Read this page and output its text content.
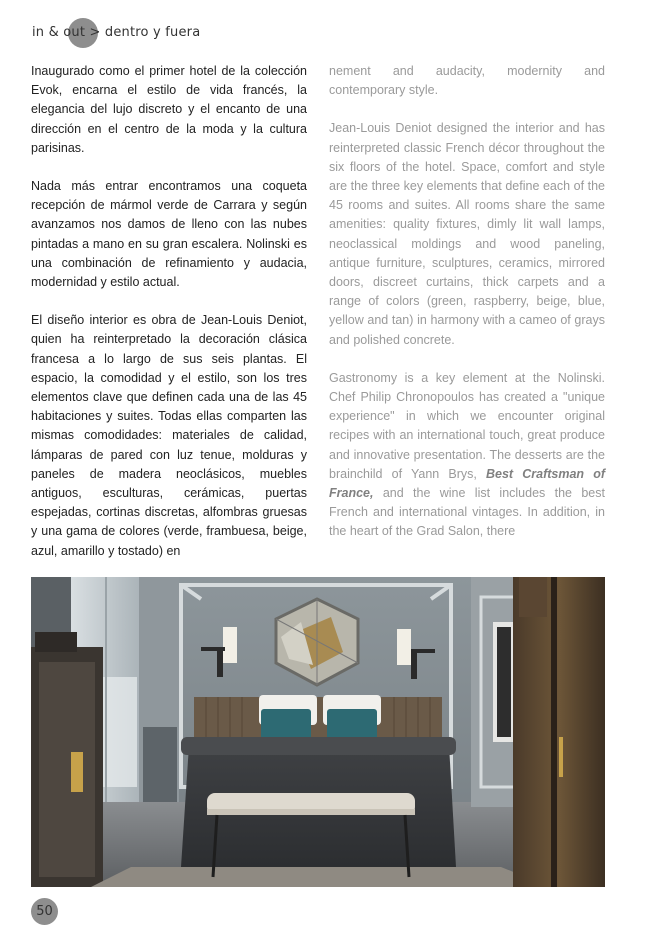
in & out > dentro y fuera

Inaugurado como el primer hotel de la colección Evok, encarna el estilo de vida francés, la elegancia del lujo discreto y el encanto de una dirección en el centro de la moda y la cultura parisinas.

Nada más entrar encontramos una coqueta recepción de mármol verde de Carrara y según avanzamos nos damos de lleno con las nubes pintadas a mano en su gran escalera. Nolinski es una combinación de refinamiento y audacia, modernidad y estilo actual.

El diseño interior es obra de Jean-Louis Deniot, quien ha reinterpretado la decoración clásica francesa a lo largo de sus seis plantas. El espacio, la comodidad y el estilo, son los tres elementos clave que definen cada una de las 45 habitaciones y suites. Todas ellas comparten las mismas comodidades: materiales de calidad, lámparas de pared con luz tenue, molduras y paneles de madera neoclásicos, muebles antiguos, esculturas, cerámicas, puertas espejadas, cortinas discretas, alfombras gruesas y una gama de colores (verde, frambuesa, beige, azul, amarillo y tostado) en

nement and audacity, modernity and contemporary style.

Jean-Louis Deniot designed the interior and has reinterpreted classic French décor throughout the six floors of the hotel. Space, comfort and style are the three key elements that define each of the 45 rooms and suites. All rooms share the same amenities: quality fixtures, dimly lit wall lamps, neoclassical moldings and wood paneling, antique furniture, sculptures, ceramics, mirrored doors, discreet curtains, thick carpets and a range of colors (green, raspberry, beige, blue, yellow and tan) in harmony with a cameo of grays and polished concrete.

Gastronomy is a key element at the Nolinski. Chef Philip Chronopoulos has created a "unique experience" in which we encounter original recipes with an international touch, great produce and innovative presentation. The desserts are the brainchild of Yann Brys, Best Craftsman of France, and the wine list includes the best French and international vintages. In addition, in the heart of the Grad Salon, there

50
